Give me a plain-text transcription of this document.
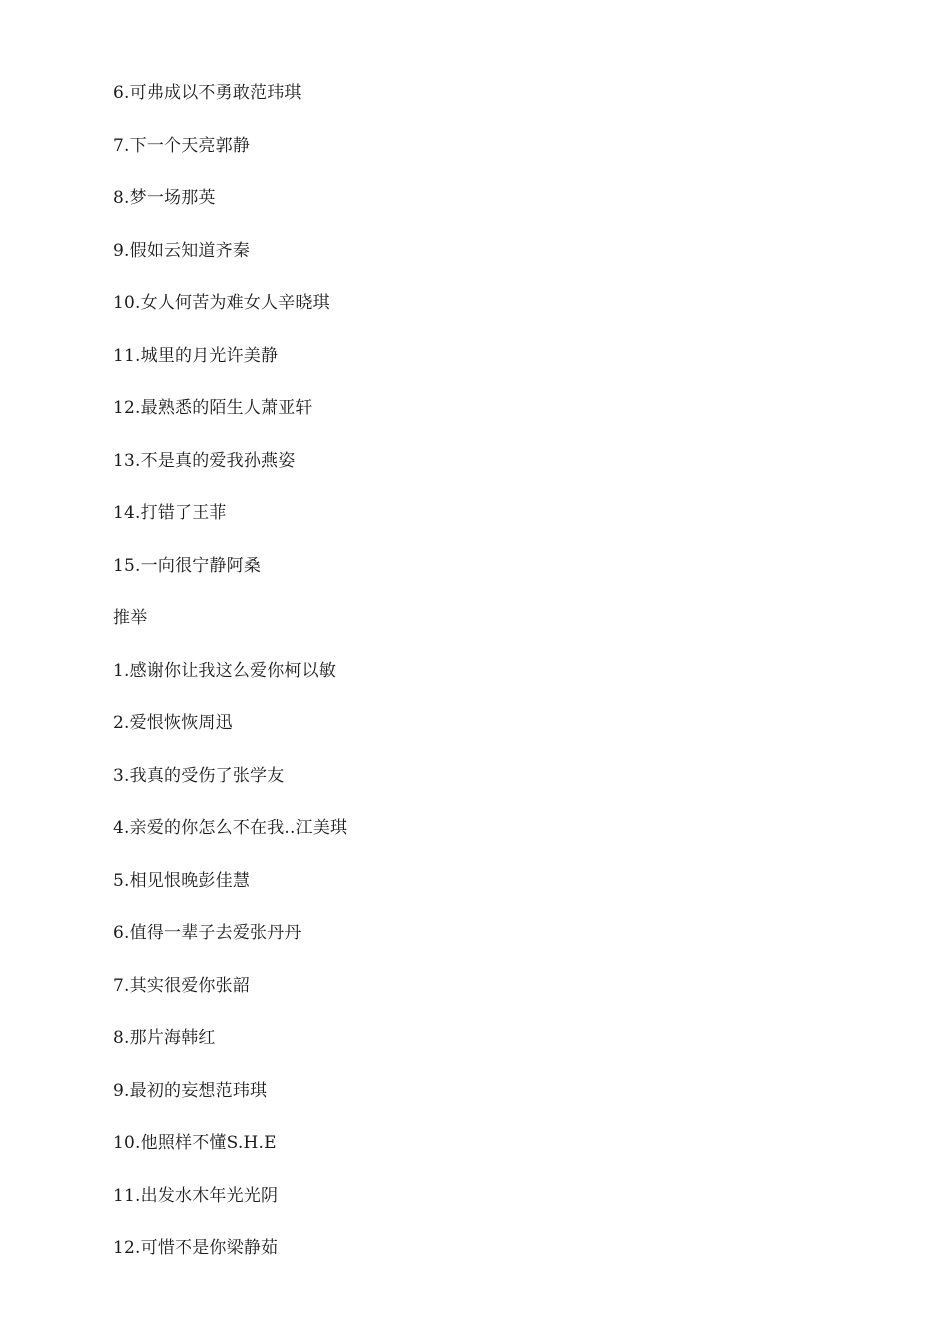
6.可弗成以不勇敢范玮琪
7.下一个天亮郭静
8.梦一场那英
9.假如云知道齐秦
10.女人何苦为难女人辛晓琪
11.城里的月光许美静
12.最熟悉的陌生人萧亚轩
13.不是真的爱我孙燕姿
14.打错了王菲
15.一向很宁静阿桑
推举
1.感谢你让我这么爱你柯以敏
2.爱恨恢恢周迅
3.我真的受伤了张学友
4.亲爱的你怎么不在我..江美琪
5.相见恨晚彭佳慧
6.值得一辈子去爱张丹丹
7.其实很爱你张韶
8.那片海韩红
9.最初的妄想范玮琪
10.他照样不懂S.H.E
11.出发水木年光光阴
12.可惜不是你梁静茹
